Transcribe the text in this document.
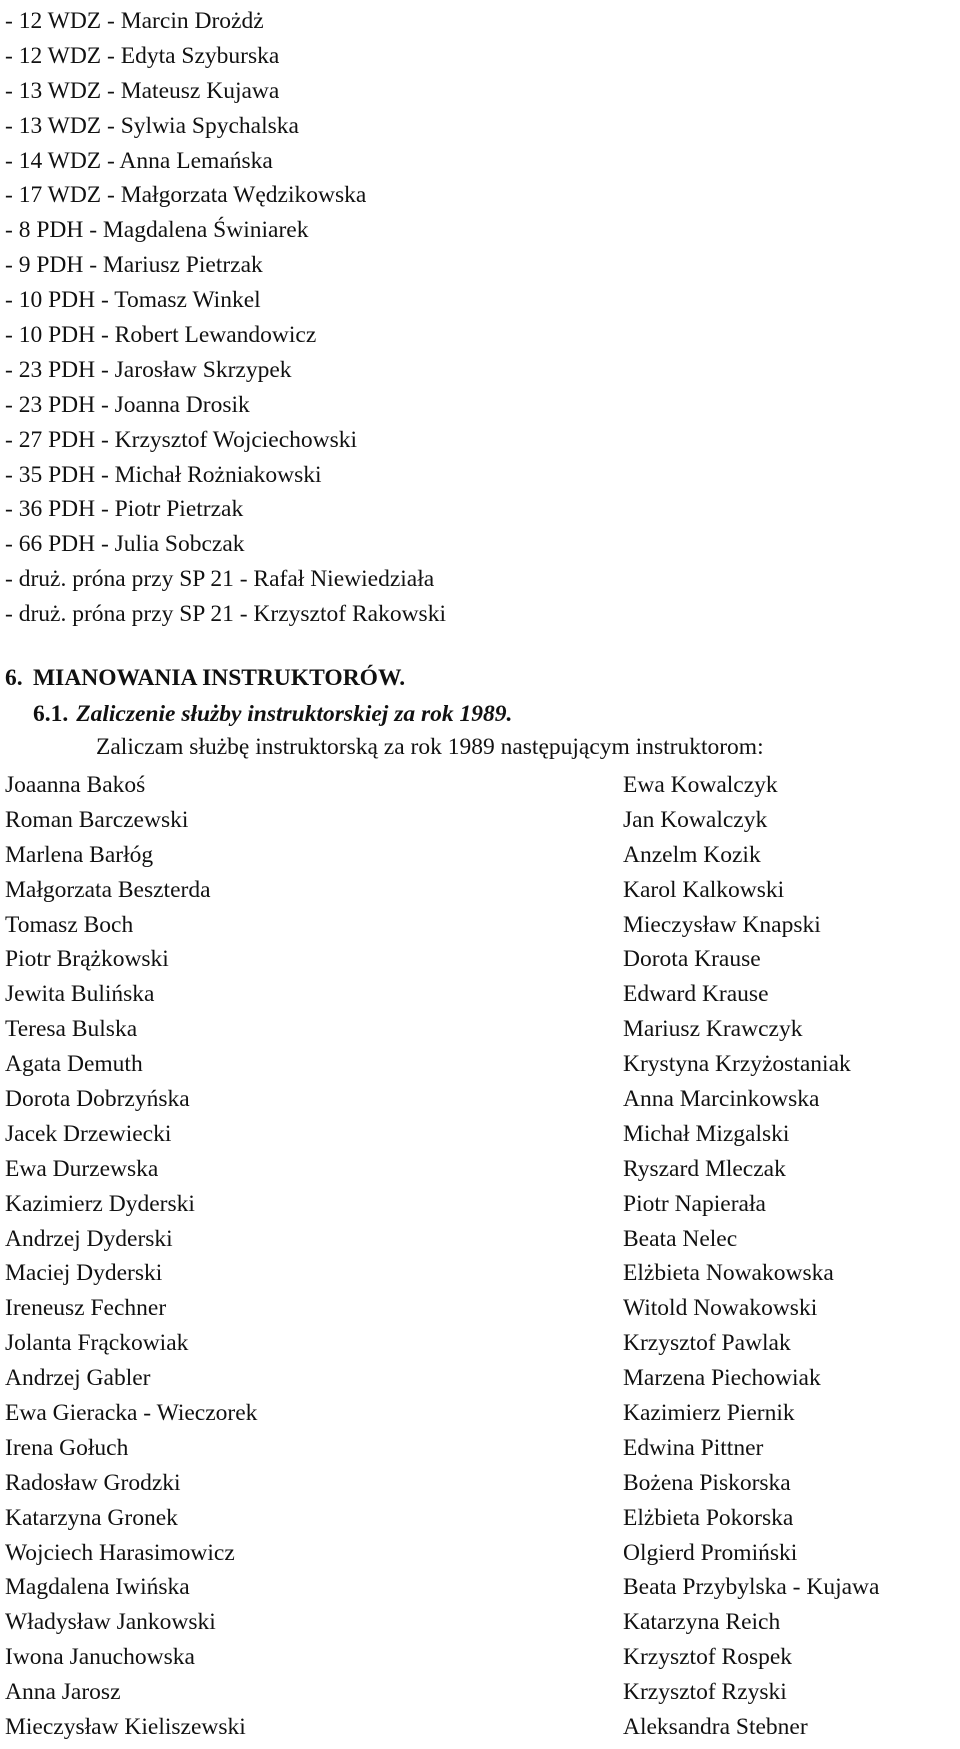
- 12 WDZ - Marcin Drożdż
- 12 WDZ - Edyta Szyburska
- 13 WDZ - Mateusz Kujawa
- 13 WDZ - Sylwia Spychalska
- 14 WDZ - Anna Lemańska
- 17 WDZ - Małgorzata Wędzikowska
- 8 PDH - Magdalena Świniarek
- 9 PDH - Mariusz Pietrzak
- 10 PDH - Tomasz Winkel
- 10 PDH - Robert Lewandowicz
- 23 PDH - Jarosław Skrzypek
- 23 PDH - Joanna Drosik
- 27 PDH - Krzysztof Wojciechowski
- 35 PDH - Michał Rożniakowski
- 36 PDH - Piotr Pietrzak
- 66 PDH - Julia Sobczak
- druż. próna przy SP 21 - Rafał Niewiedziała
- druż. próna przy SP 21 - Krzysztof Rakowski
6. MIANOWANIA INSTRUKTORÓW.
6.1. Zaliczenie służby instruktorskiej za rok 1989.
Zaliczam służbę instruktorską za rok 1989 następującym instruktorom:
Joaanna Bakoś
Roman Barczewski
Marlena Barłóg
Małgorzata Beszterda
Tomasz Boch
Piotr Brążkowski
Jewita Bulińska
Teresa Bulska
Agata Demuth
Dorota Dobrzyńska
Jacek Drzewiecki
Ewa Durzewska
Kazimierz Dyderski
Andrzej Dyderski
Maciej Dyderski
Ireneusz Fechner
Jolanta Frąckowiak
Andrzej Gabler
Ewa Gieracka - Wieczorek
Irena Gołuch
Radosław Grodzki
Katarzyna Gronek
Wojciech Harasimowicz
Magdalena Iwińska
Władysław Jankowski
Iwona Januchowska
Anna Jarosz
Mieczysław Kieliszewski
Ewa Kowalczyk
Jan Kowalczyk
Anzelm Kozik
Karol Kalkowski
Mieczysław Knapski
Dorota Krause
Edward Krause
Mariusz Krawczyk
Krystyna Krzyżostaniak
Anna Marcinkowska
Michał Mizgalski
Ryszard Mleczak
Piotr Napierała
Beata Nelec
Elżbieta Nowakowska
Witold Nowakowski
Krzysztof Pawlak
Marzena Piechowiak
Kazimierz Piernik
Edwina Pittner
Bożena Piskorska
Elżbieta Pokorska
Olgierd Promiński
Beata Przybylska - Kujawa
Katarzyna Reich
Krzysztof Rospek
Krzysztof Rzyski
Aleksandra Stebner
